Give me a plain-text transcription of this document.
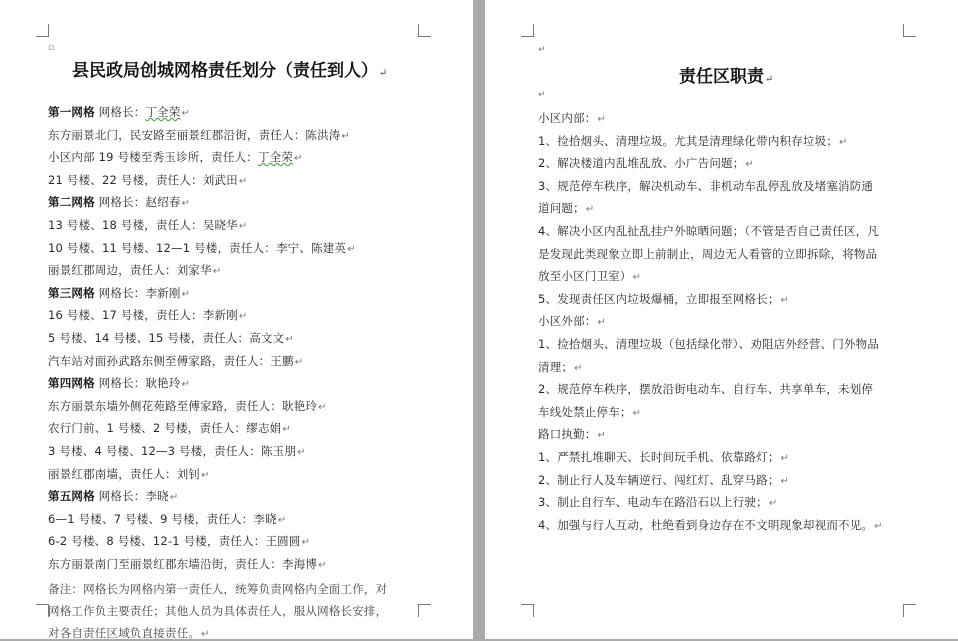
▫
县民政局创城网格责任划分（责任到人）↵
第一网格 网格长：丁全荣↵
东方丽景北门，民安路至丽景红郡沿街，责任人：陈洪涛↵
小区内部 19 号楼至秀玉诊所，责任人：丁全荣↵
21 号楼、22 号楼，责任人：刘武田↵
第二网格 网格长：赵绍春↵
13 号楼、18 号楼，责任人：吴晓华↵
10 号楼、11 号楼、12—1 号楼，责任人：李宁、陈建英↵
丽景红郡周边，责任人：刘家华↵
第三网格 网格长：李新刚↵
16 号楼、17 号楼，责任人：李新刚↵
5 号楼、14 号楼、15 号楼，责任人：高文文↵
汽车站对面孙武路东侧至傅家路，责任人：王鹏↵
第四网格 网格长：耿艳玲↵
东方丽景东墙外侧花苑路至傅家路，责任人：耿艳玲↵
农行门前、1 号楼、2 号楼，责任人：缪志娟↵
3 号楼、4 号楼、12—3 号楼，责任人：陈玉朋↵
丽景红郡南墙，责任人：刘钊↵
第五网格 网格长：李晓↵
6—1 号楼、7 号楼、9 号楼，责任人：李晓↵
6-2 号楼、8 号楼、12-1 号楼，责任人：王圆圆↵
东方丽景南门至丽景红郡东墙沿街，责任人：李海博↵
备注：网格长为网格内第一责任人，统筹负责网格内全面工作，对
网格工作负主要责任；其他人员为具体责任人，服从网格长安排，
对各自责任区域负直接责任。↵
↵
责任区职责↵
↵
小区内部：↵
1、捡拾烟头、清理垃圾。尤其是清理绿化带内积存垃圾；↵
2、解决楼道内乱堆乱放、小广告问题；↵
3、规范停车秩序，解决机动车、非机动车乱停乱放及堵塞消防通
道问题；↵
4、解决小区内乱扯乱挂户外晾晒问题；（不管是否自己责任区，凡
是发现此类现象立即上前制止，周边无人看管的立即拆除，将物品
放至小区门卫室）↵
5、发现责任区内垃圾爆桶，立即报至网格长；↵
小区外部：↵
1、捡拾烟头、清理垃圾（包括绿化带）、劝阻店外经营、门外物品
清理；↵
2、规范停车秩序，摆放沿街电动车、自行车、共享单车，未划停
车线处禁止停车；↵
路口执勤：↵
1、严禁扎堆聊天、长时间玩手机、依靠路灯；↵
2、制止行人及车辆逆行、闯红灯、乱穿马路；↵
3、制止自行车、电动车在路沿石以上行驶；↵
4、加强与行人互动，杜绝看到身边存在不文明现象却视而不见。↵
